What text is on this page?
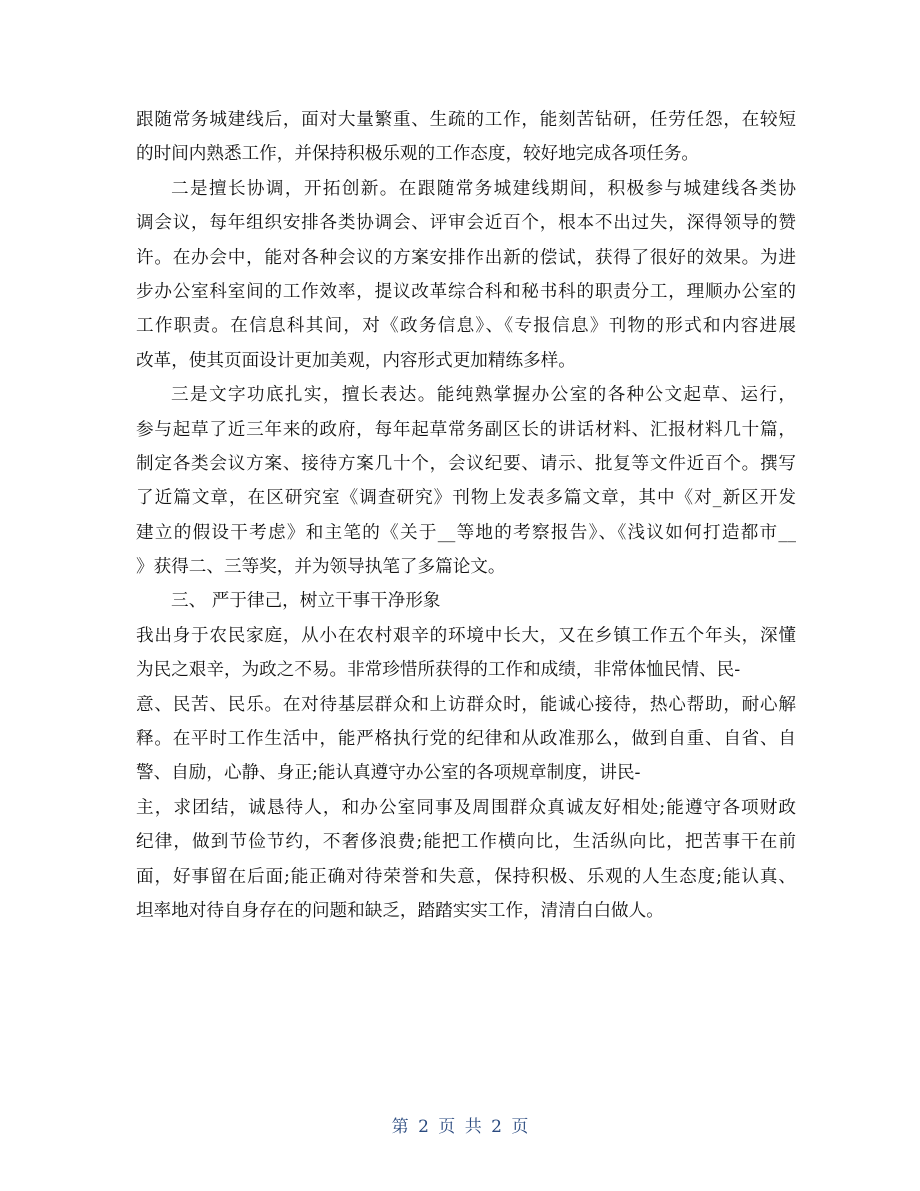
跟随常务城建线后，面对大量繁重、生疏的工作，能刻苦钻研，任劳任怨，在较短
的时间内熟悉工作，并保持积极乐观的工作态度，较好地完成各项任务。
二是擅长协调，开拓创新。在跟随常务城建线期间，积极参与城建线各类协
调会议，每年组织安排各类协调会、评审会近百个，根本不出过失，深得领导的赞
许。在办会中，能对各种会议的方案安排作出新的偿试，获得了很好的效果。为进
步办公室科室间的工作效率，提议改革综合科和秘书科的职责分工，理顺办公室的
工作职责。在信息科其间，对《政务信息》、《专报信息》刊物的形式和内容进展
改革，使其页面设计更加美观，内容形式更加精练多样。
三是文字功底扎实，擅长表达。能纯熟掌握办公室的各种公文起草、运行，
参与起草了近三年来的政府，每年起草常务副区长的讲话材料、汇报材料几十篇，
制定各类会议方案、接待方案几十个，会议纪要、请示、批复等文件近百个。撰写
了近篇文章，在区研究室《调查研究》刊物上发表多篇文章，其中《对_新区开发
建立的假设干考虑》和主笔的《关于__等地的考察报告》、《浅议如何打造都市__
》获得二、三等奖，并为领导执笔了多篇论文。
三、 严于律己，树立干事干净形象
我出身于农民家庭，从小在农村艰辛的环境中长大，又在乡镇工作五个年头，深懂
为民之艰辛，为政之不易。非常珍惜所获得的工作和成绩，非常体恤民情、民-
意、民苦、民乐。在对待基层群众和上访群众时，能诚心接待，热心帮助，耐心解
释。在平时工作生活中，能严格执行党的纪律和从政准那么，做到自重、自省、自
警、自励，心静、身正;能认真遵守办公室的各项规章制度，讲民-
主，求团结，诚恳待人，和办公室同事及周围群众真诚友好相处;能遵守各项财政
纪律，做到节俭节约，不奢侈浪费;能把工作横向比，生活纵向比，把苦事干在前
面，好事留在后面;能正确对待荣誉和失意，保持积极、乐观的人生态度;能认真、
坦率地对待自身存在的问题和缺乏，踏踏实实工作，清清白白做人。
第 2 页 共 2 页
